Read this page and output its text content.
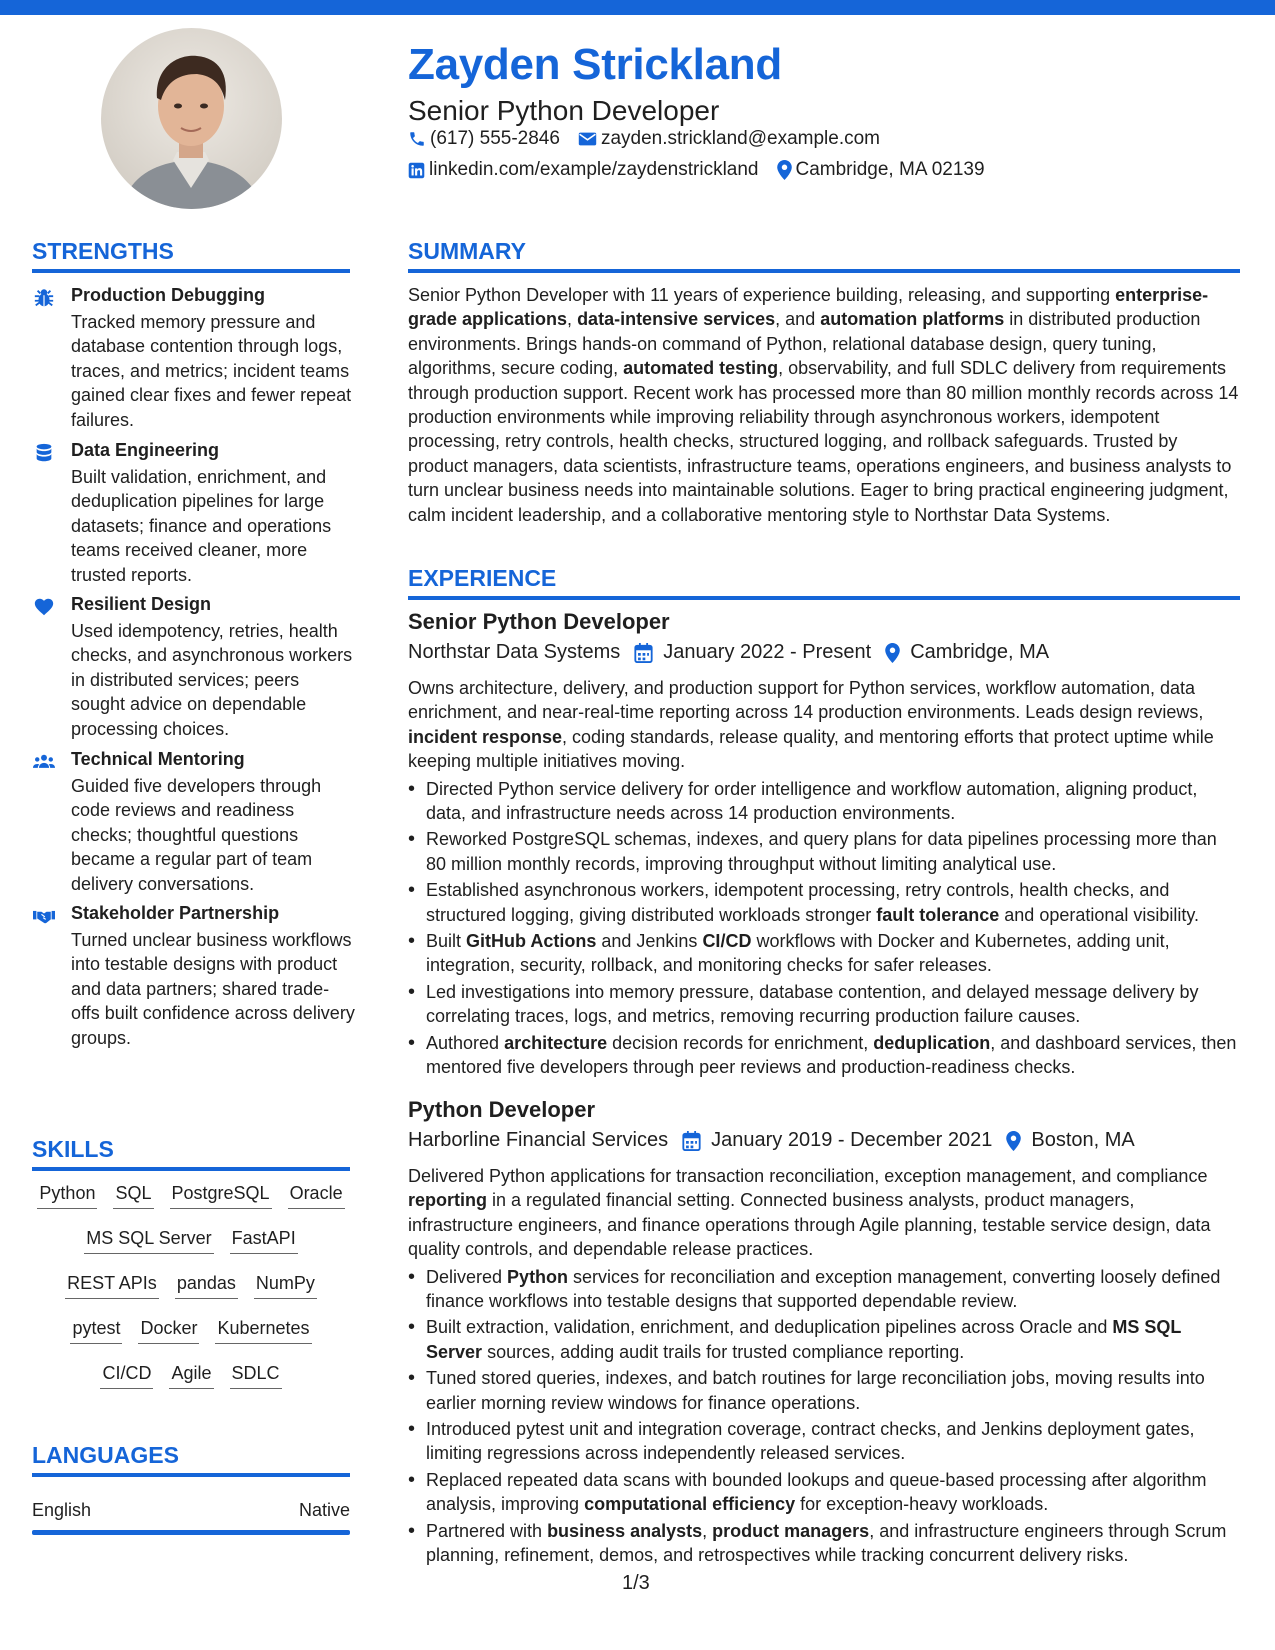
Zayden Strickland
Senior Python Developer
(617) 555-2846 zayden.strickland@example.com
linkedin.com/example/zaydenstrickland Cambridge, MA 02139
STRENGTHS
Production Debugging
Tracked memory pressure and database contention through logs, traces, and metrics; incident teams gained clear fixes and fewer repeat failures.
Data Engineering
Built validation, enrichment, and deduplication pipelines for large datasets; finance and operations teams received cleaner, more trusted reports.
Resilient Design
Used idempotency, retries, health checks, and asynchronous workers in distributed services; peers sought advice on dependable processing choices.
Technical Mentoring
Guided five developers through code reviews and readiness checks; thoughtful questions became a regular part of team delivery conversations.
Stakeholder Partnership
Turned unclear business workflows into testable designs with product and data partners; shared trade-offs built confidence across delivery groups.
SKILLS
Python SQL PostgreSQL Oracle
MS SQL Server FastAPI
REST APIs pandas NumPy
pytest Docker Kubernetes
CI/CD Agile SDLC
LANGUAGES
English	Native
SUMMARY
Senior Python Developer with 11 years of experience building, releasing, and supporting enterprise-grade applications, data-intensive services, and automation platforms in distributed production environments. Brings hands-on command of Python, relational database design, query tuning, algorithms, secure coding, automated testing, observability, and full SDLC delivery from requirements through production support. Recent work has processed more than 80 million monthly records across 14 production environments while improving reliability through asynchronous workers, idempotent processing, retry controls, health checks, structured logging, and rollback safeguards. Trusted by product managers, data scientists, infrastructure teams, operations engineers, and business analysts to turn unclear business needs into maintainable solutions. Eager to bring practical engineering judgment, calm incident leadership, and a collaborative mentoring style to Northstar Data Systems.
EXPERIENCE
Senior Python Developer
Northstar Data Systems January 2022 - Present Cambridge, MA
Owns architecture, delivery, and production support for Python services, workflow automation, data enrichment, and near-real-time reporting across 14 production environments. Leads design reviews, incident response, coding standards, release quality, and mentoring efforts that protect uptime while keeping multiple initiatives moving.
• Directed Python service delivery for order intelligence and workflow automation, aligning product, data, and infrastructure needs across 14 production environments.
• Reworked PostgreSQL schemas, indexes, and query plans for data pipelines processing more than 80 million monthly records, improving throughput without limiting analytical use.
• Established asynchronous workers, idempotent processing, retry controls, health checks, and structured logging, giving distributed workloads stronger fault tolerance and operational visibility.
• Built GitHub Actions and Jenkins CI/CD workflows with Docker and Kubernetes, adding unit, integration, security, rollback, and monitoring checks for safer releases.
• Led investigations into memory pressure, database contention, and delayed message delivery by correlating traces, logs, and metrics, removing recurring production failure causes.
• Authored architecture decision records for enrichment, deduplication, and dashboard services, then mentored five developers through peer reviews and production-readiness checks.
Python Developer
Harborline Financial Services January 2019 - December 2021 Boston, MA
Delivered Python applications for transaction reconciliation, exception management, and compliance reporting in a regulated financial setting. Connected business analysts, product managers, infrastructure engineers, and finance operations through Agile planning, testable service design, data quality controls, and dependable release practices.
• Delivered Python services for reconciliation and exception management, converting loosely defined finance workflows into testable designs that supported dependable review.
• Built extraction, validation, enrichment, and deduplication pipelines across Oracle and MS SQL Server sources, adding audit trails for trusted compliance reporting.
• Tuned stored queries, indexes, and batch routines for large reconciliation jobs, moving results into earlier morning review windows for finance operations.
• Introduced pytest unit and integration coverage, contract checks, and Jenkins deployment gates, limiting regressions across independently released services.
• Replaced repeated data scans with bounded lookups and queue-based processing after algorithm analysis, improving computational efficiency for exception-heavy workloads.
• Partnered with business analysts, product managers, and infrastructure engineers through Scrum planning, refinement, demos, and retrospectives while tracking concurrent delivery risks.
1/3
